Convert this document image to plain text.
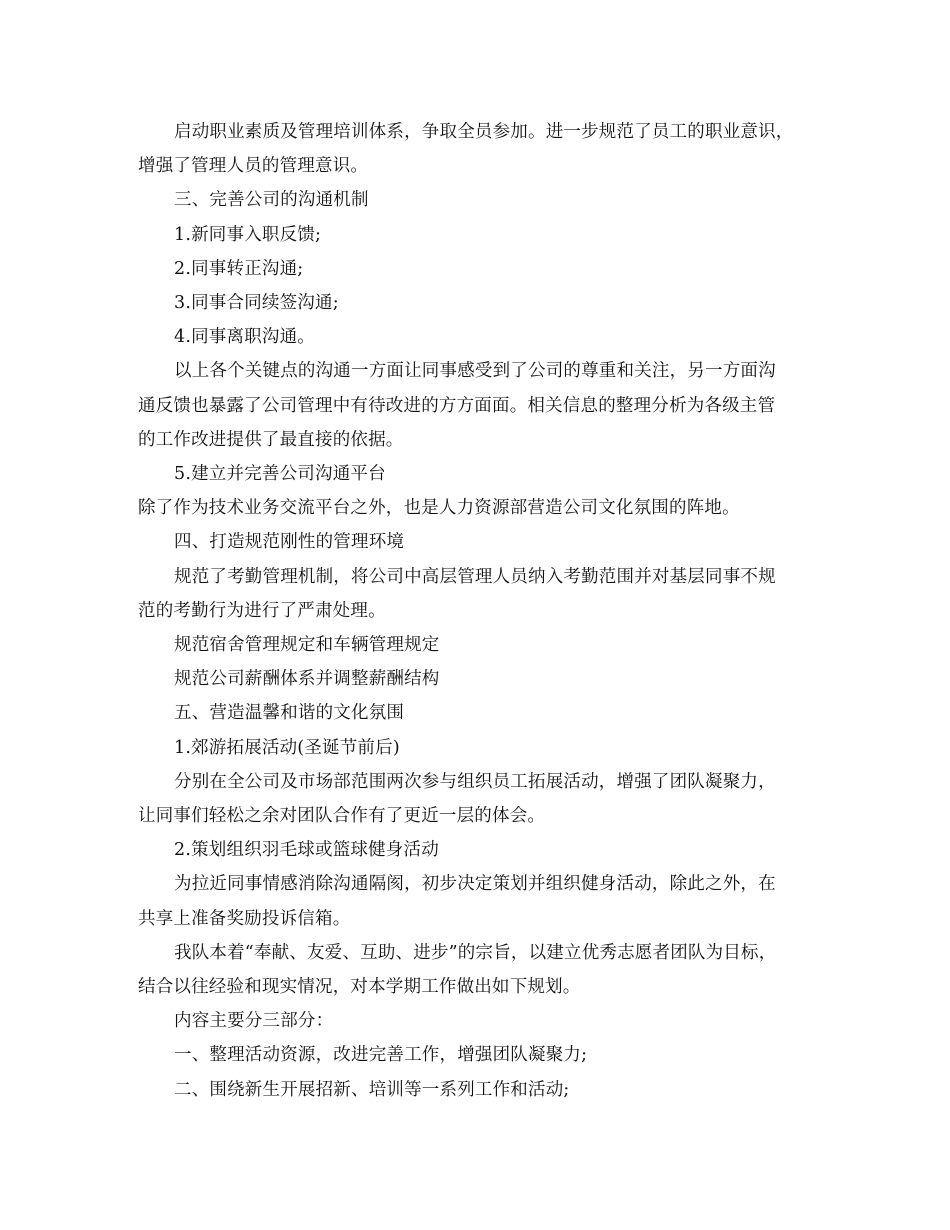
启动职业素质及管理培训体系，争取全员参加。进一步规范了员工的职业意识，

增强了管理人员的管理意识。

三、完善公司的沟通机制

1.新同事入职反馈;

2.同事转正沟通;

3.同事合同续签沟通;

4.同事离职沟通。

以上各个关键点的沟通一方面让同事感受到了公司的尊重和关注，另一方面沟

通反馈也暴露了公司管理中有待改进的方方面面。相关信息的整理分析为各级主管

的工作改进提供了最直接的依据。

5.建立并完善公司沟通平台

除了作为技术业务交流平台之外，也是人力资源部营造公司文化氛围的阵地。

四、打造规范刚性的管理环境

规范了考勤管理机制，将公司中高层管理人员纳入考勤范围并对基层同事不规

范的考勤行为进行了严肃处理。

规范宿舍管理规定和车辆管理规定

规范公司薪酬体系并调整薪酬结构

五、营造温馨和谐的文化氛围

1.郊游拓展活动(圣诞节前后)

分别在全公司及市场部范围两次参与组织员工拓展活动，增强了团队凝聚力，

让同事们轻松之余对团队合作有了更近一层的体会。

2.策划组织羽毛球或篮球健身活动

为拉近同事情感消除沟通隔阂，初步决定策划并组织健身活动，除此之外，在

共享上准备奖励投诉信箱。

我队本着“奉献、友爱、互助、进步”的宗旨，以建立优秀志愿者团队为目标，

结合以往经验和现实情况，对本学期工作做出如下规划。

内容主要分三部分：

一、整理活动资源，改进完善工作，增强团队凝聚力;

二、围绕新生开展招新、培训等一系列工作和活动;
